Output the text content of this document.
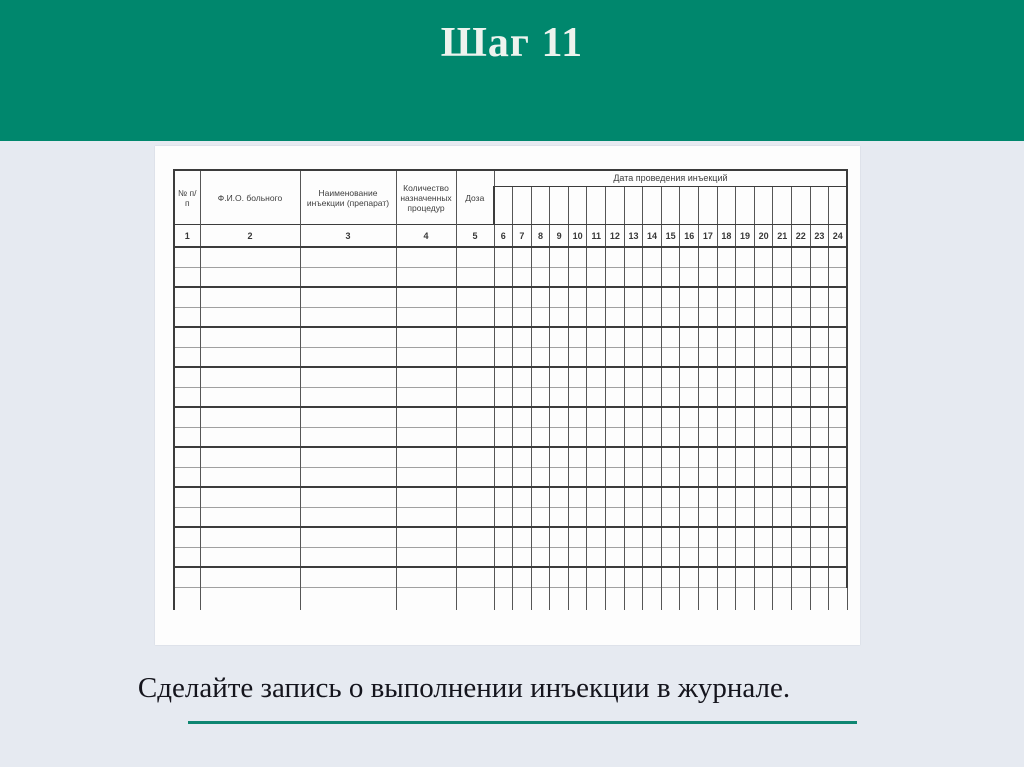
Шаг 11
№ п/п	Ф.И.О. больного	Наименование инъекции (препарат)	Количество назначенных процедур	Доза	Дата проведения инъекций																		

1	2	3	4	5	6	7	8	9	10	11	12	13	14	15	16	17	18	19	20	21	22	23	24

Сделайте запись о выполнении инъекции в журнале.
